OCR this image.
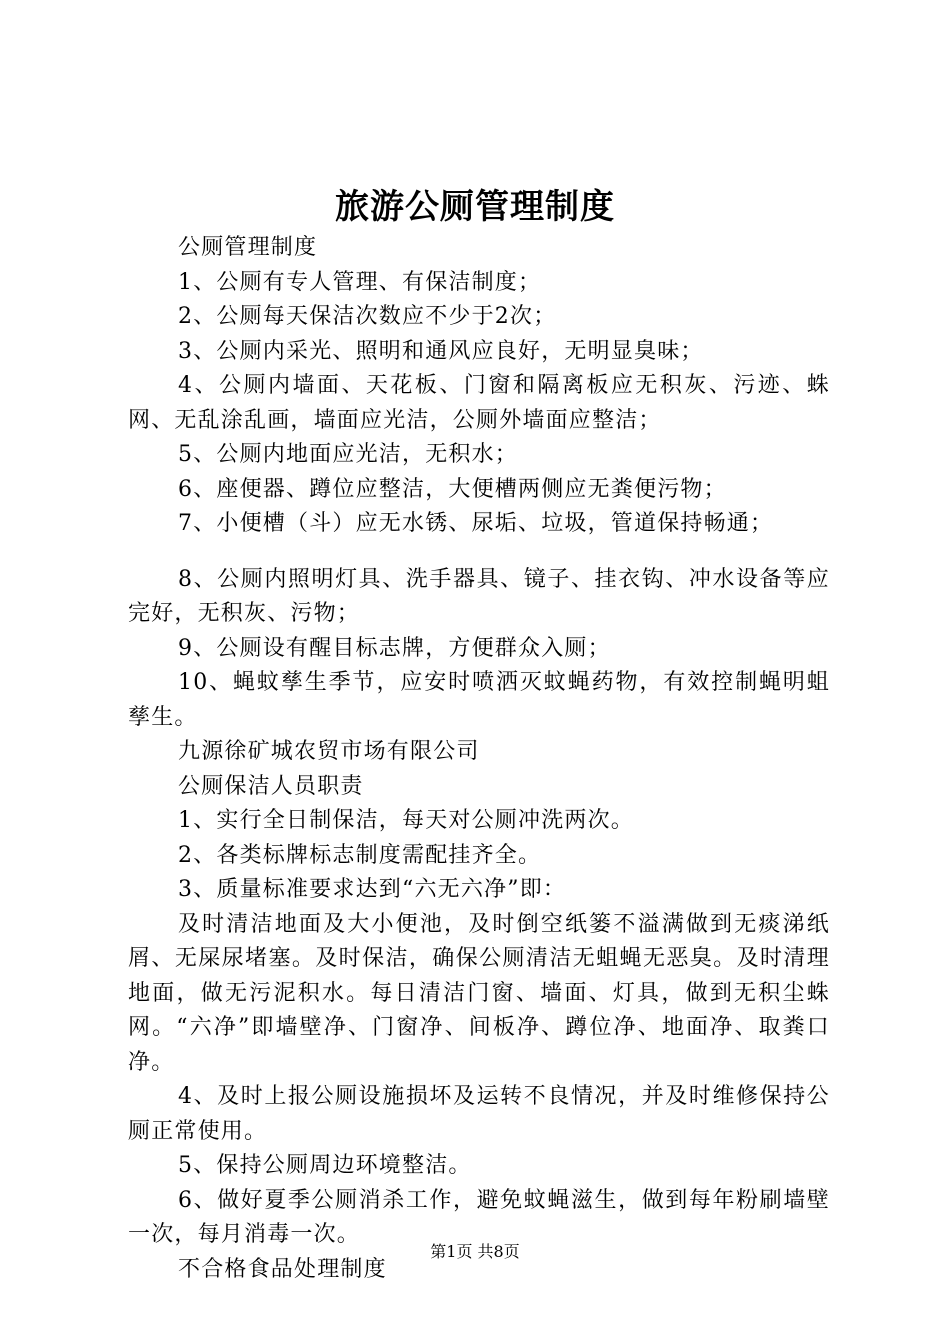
旅游公厕管理制度

公厕管理制度

1、公厕有专人管理、有保洁制度；

2、公厕每天保洁次数应不少于2次；

3、公厕内采光、照明和通风应良好，无明显臭味；

4、公厕内墙面、天花板、门窗和隔离板应无积灰、污迹、蛛网、无乱涂乱画，墙面应光洁，公厕外墙面应整洁；

5、公厕内地面应光洁，无积水；

6、座便器、蹲位应整洁，大便槽两侧应无粪便污物；

7、小便槽（斗）应无水锈、尿垢、垃圾，管道保持畅通；

8、公厕内照明灯具、洗手器具、镜子、挂衣钩、冲水设备等应完好，无积灰、污物；

9、公厕设有醒目标志牌，方便群众入厕；

10、蝇蚊孳生季节，应安时喷洒灭蚊蝇药物，有效控制蝇明蛆孳生。

九源徐矿城农贸市场有限公司

公厕保洁人员职责

1、实行全日制保洁，每天对公厕冲洗两次。

2、各类标牌标志制度需配挂齐全。

3、质量标准要求达到“六无六净”即：

及时清洁地面及大小便池，及时倒空纸篓不溢满做到无痰涕纸屑、无屎尿堵塞。及时保洁，确保公厕清洁无蛆蝇无恶臭。及时清理地面，做无污泥积水。每日清洁门窗、墙面、灯具，做到无积尘蛛网。“六净”即墙壁净、门窗净、间板净、蹲位净、地面净、取粪口净。

4、及时上报公厕设施损坏及运转不良情况，并及时维修保持公厕正常使用。

5、保持公厕周边环境整洁。

6、做好夏季公厕消杀工作，避免蚊蝇滋生，做到每年粉刷墙壁一次，每月消毒一次。

不合格食品处理制度

第1页 共8页
